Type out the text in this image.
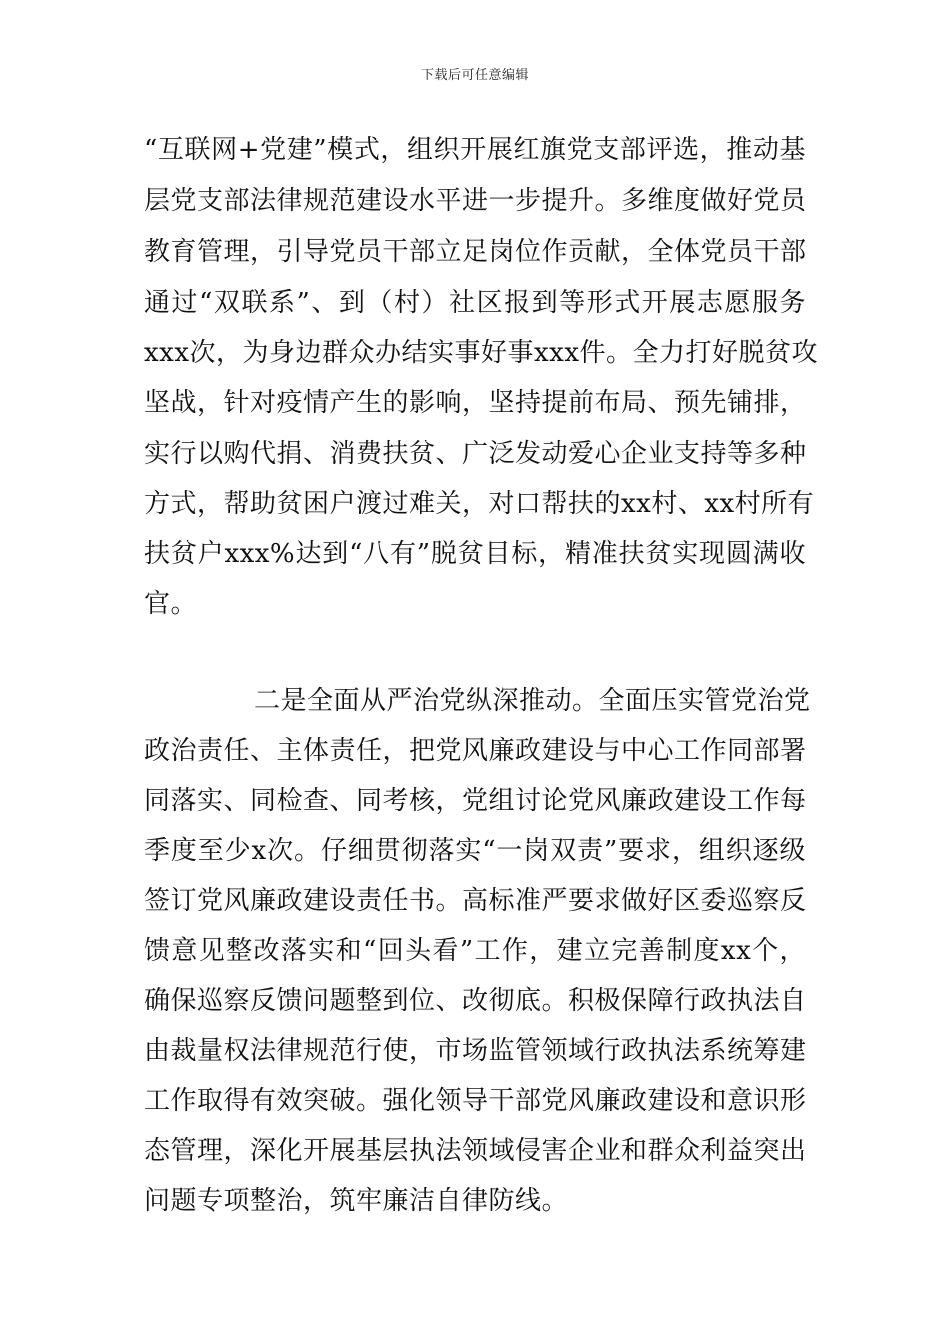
下载后可任意编辑
“互联网+党建”模式，组织开展红旗党支部评选，推动基
层党支部法律规范建设水平进一步提升。多维度做好党员
教育管理，引导党员干部立足岗位作贡献，全体党员干部
通过“双联系”、到（村）社区报到等形式开展志愿服务
xxx次，为身边群众办结实事好事xxx件。全力打好脱贫攻
坚战，针对疫情产生的影响，坚持提前布局、预先铺排，
实行以购代捐、消费扶贫、广泛发动爱心企业支持等多种
方式，帮助贫困户渡过难关，对口帮扶的xx村、xx村所有
扶贫户xxx%达到“八有”脱贫目标，精准扶贫实现圆满收
官。
二是全面从严治党纵深推动。全面压实管党治党
政治责任、主体责任，把党风廉政建设与中心工作同部署
同落实、同检查、同考核，党组讨论党风廉政建设工作每
季度至少x次。仔细贯彻落实“一岗双责”要求，组织逐级
签订党风廉政建设责任书。高标准严要求做好区委巡察反
馈意见整改落实和“回头看”工作，建立完善制度xx个，
确保巡察反馈问题整到位、改彻底。积极保障行政执法自
由裁量权法律规范行使，市场监管领域行政执法系统筹建
工作取得有效突破。强化领导干部党风廉政建设和意识形
态管理，深化开展基层执法领域侵害企业和群众利益突出
问题专项整治，筑牢廉洁自律防线。
